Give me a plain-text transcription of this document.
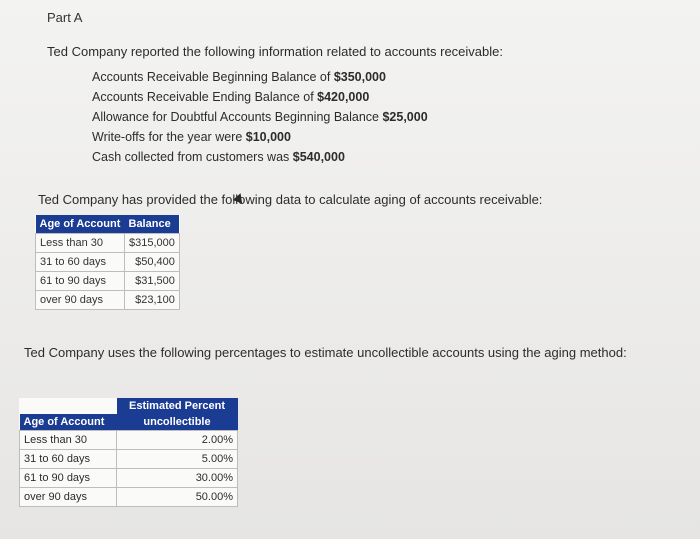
Part A
Ted Company reported the following information related to accounts receivable:
Accounts Receivable Beginning Balance of $350,000
Accounts Receivable Ending Balance of $420,000
Allowance for Doubtful Accounts Beginning Balance $25,000
Write-offs for the year were $10,000
Cash collected from customers was $540,000
Ted Company has provided the following data to calculate aging of accounts receivable:
Age of Account	Balance
Less than 30	$315,000
31 to 60 days	$50,400
61 to 90 days	$31,500
over 90 days	$23,100
Ted Company uses the following percentages to estimate uncollectible accounts using the aging method:
	Estimated Percent
Age of Account	uncollectible
Less than 30	2.00%
31 to 60 days	5.00%
61 to 90 days	30.00%
over 90 days	50.00%
